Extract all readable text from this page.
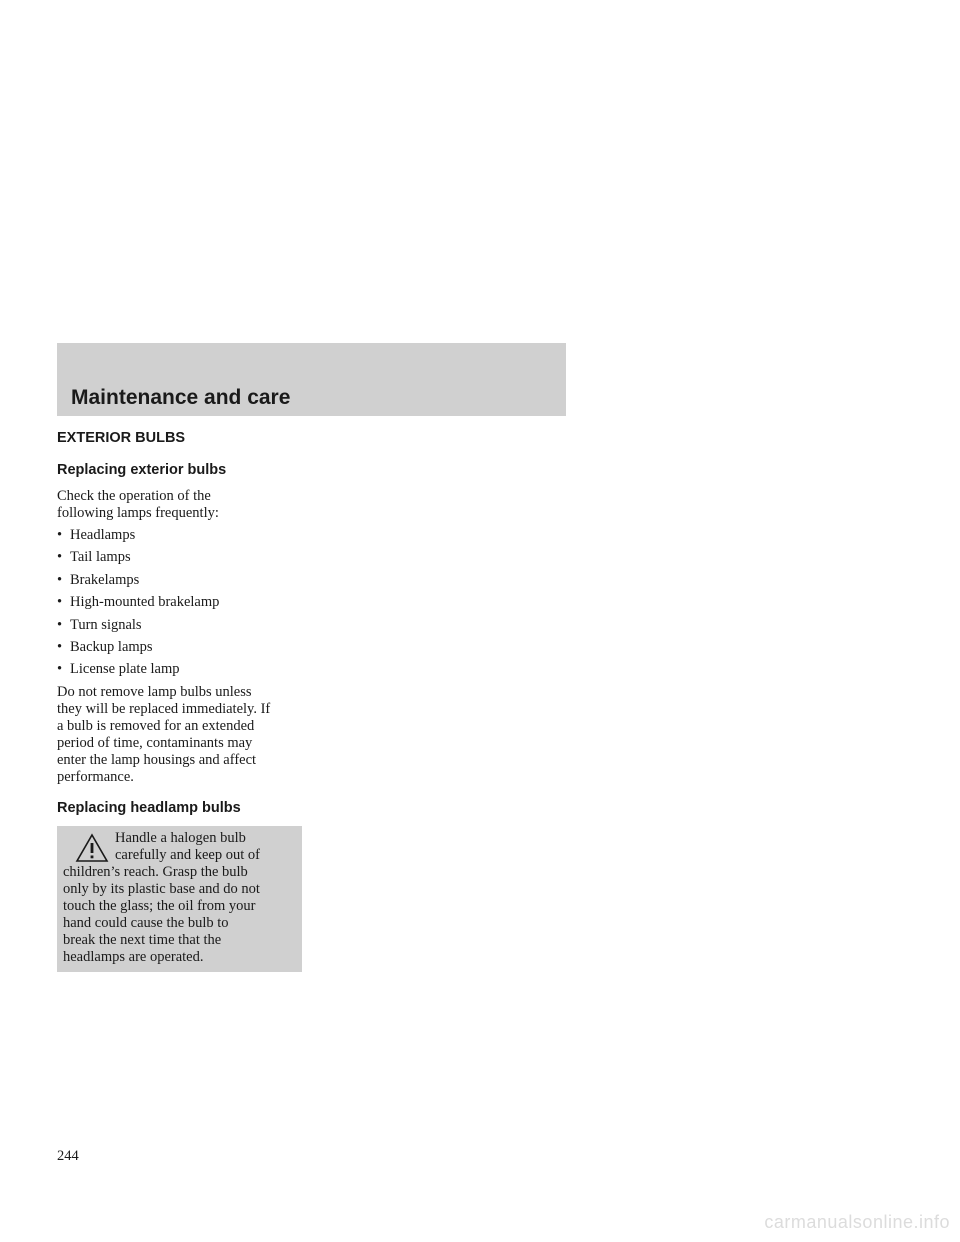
Maintenance and care
EXTERIOR BULBS
Replacing exterior bulbs

Check the operation of the
following lamps frequently:

• Headlamps
• Tail lamps
• Brakelamps
• High-mounted brakelamp
• Turn signals
• Backup lamps
• License plate lamp

Do not remove lamp bulbs unless
they will be replaced immediately. If
a bulb is removed for an extended
period of time, contaminants may
enter the lamp housings and affect
performance.

Replacing headlamp bulbs
Handle a halogen bulb
carefully and keep out of
children’s reach. Grasp the bulb
only by its plastic base and do not
touch the glass; the oil from your
hand could cause the bulb to
break the next time that the
headlamps are operated.
244
carmanualsonline.info
